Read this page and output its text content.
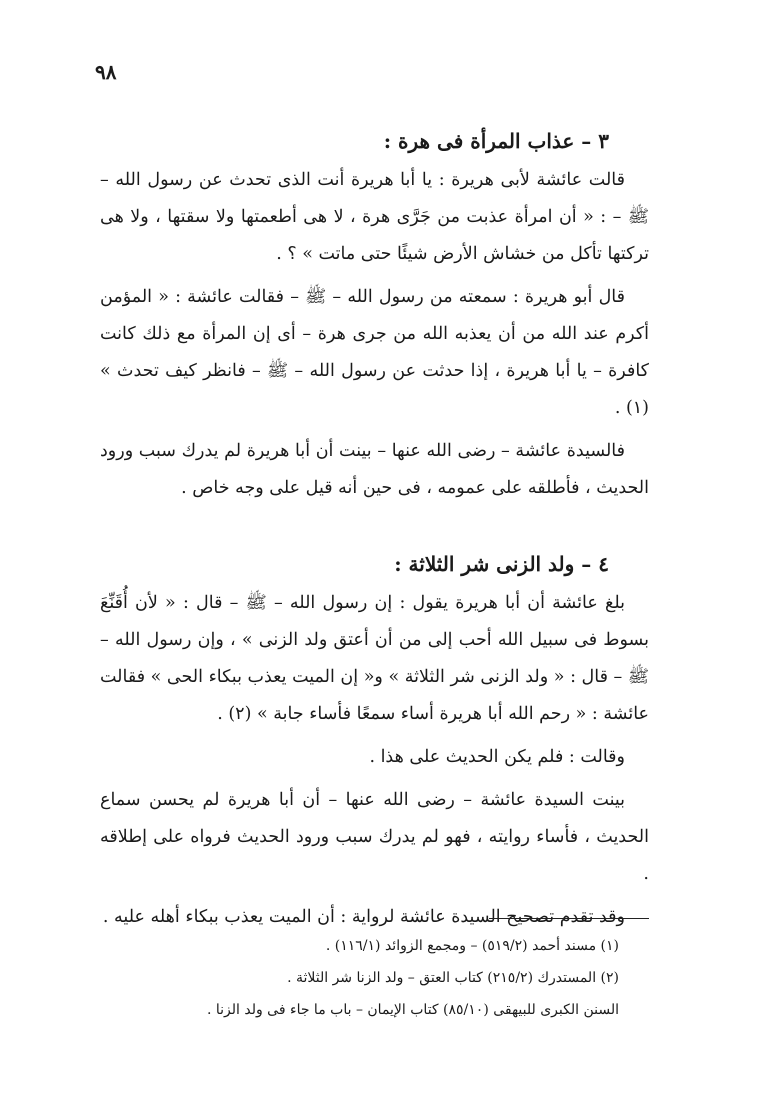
٩٨
٣ – عذاب المرأة فى هرة :

قالت عائشة لأبى هريرة : يا أبا هريرة أنت الذى تحدث عن رسول الله – ﷺ – : « أن امرأة عذبت من جَرَّى هرة ، لا هى أطعمتها ولا سقتها ، ولا هى تركتها تأكل من خشاش الأرض شيئًا حتى ماتت » ؟ .

قال أبو هريرة : سمعته من رسول الله – ﷺ – فقالت عائشة : « المؤمن أكرم عند الله من أن يعذبه الله من جرى هرة – أى إن المرأة مع ذلك كانت كافرة – يا أبا هريرة ، إذا حدثت عن رسول الله – ﷺ – فانظر كيف تحدث » (١) .

فالسيدة عائشة – رضى الله عنها – بينت أن أبا هريرة لم يدرك سبب ورود الحديث ، فأطلقه على عمومه ، فى حين أنه قيل على وجه خاص .

٤ – ولد الزنى شر الثلاثة :

بلغ عائشة أن أبا هريرة يقول : إن رسول الله – ﷺ – قال : « لأن أُقَنِّعَ بسوط فى سبيل الله أحب إلى من أن أعتق ولد الزنى » ، وإن رسول الله – ﷺ – قال : « ولد الزنى شر الثلاثة » و« إن الميت يعذب ببكاء الحى » فقالت عائشة : « رحم الله أبا هريرة أساء سمعًا فأساء جابة » (٢) .

وقالت : فلم يكن الحديث على هذا .

بينت السيدة عائشة – رضى الله عنها – أن أبا هريرة لم يحسن سماع الحديث ، فأساء روايته ، فهو لم يدرك سبب ورود الحديث فرواه على إطلاقه .

وقد تقدم تصحيح السيدة عائشة لرواية : أن الميت يعذب ببكاء أهله عليه .

(١) مسند أحمد (٥١٩/٢) – ومجمع الزوائد (١١٦/١) .

(٢) المستدرك (٢١٥/٢) كتاب العتق – ولد الزنا شر الثلاثة .

السنن الكبرى للبيهقى (٨٥/١٠) كتاب الإيمان – باب ما جاء فى ولد الزنا .
